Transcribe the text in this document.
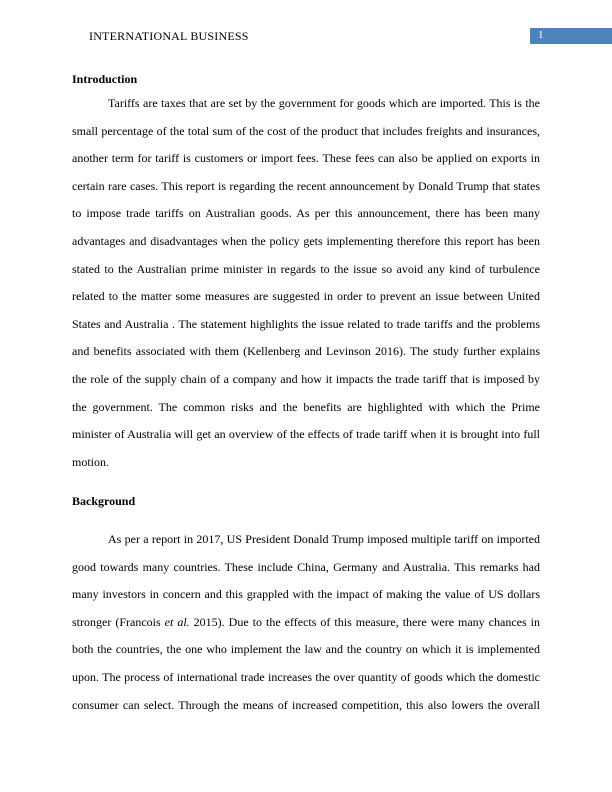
INTERNATIONAL BUSINESS	1
Introduction
Tariffs are taxes that are set by the government for goods which are imported. This is the
small percentage of the total sum of the cost of the product that includes freights and insurances,
another term for tariff is customers or import fees. These fees can also be applied on exports in
certain rare cases. This report is regarding the recent announcement by Donald Trump that states
to impose trade tariffs on Australian goods. As per this announcement, there has been many
advantages and disadvantages when the policy gets implementing therefore this report has been
stated to the Australian prime minister in regards to the issue so avoid any kind of turbulence
related to the matter some measures are suggested in order to prevent an issue between United
States and Australia . The statement highlights the issue related to trade tariffs and the problems
and benefits associated with them (Kellenberg and Levinson 2016). The study further explains
the role of the supply chain of a company and how it impacts the trade tariff that is imposed by
the government. The common risks and the benefits are highlighted with which the Prime
minister of Australia will get an overview of the effects of trade tariff when it is brought into full
motion.
Background
As per a report in 2017, US President Donald Trump imposed multiple tariff on imported
good towards many countries. These include China, Germany and Australia. This remarks had
many investors in concern and this grappled with the impact of making the value of US dollars
stronger (Francois et al. 2015). Due to the effects of this measure, there were many chances in
both the countries, the one who implement the law and the country on which it is implemented
upon. The process of international trade increases the over quantity of goods which the domestic
consumer can select. Through the means of increased competition, this also lowers the overall
